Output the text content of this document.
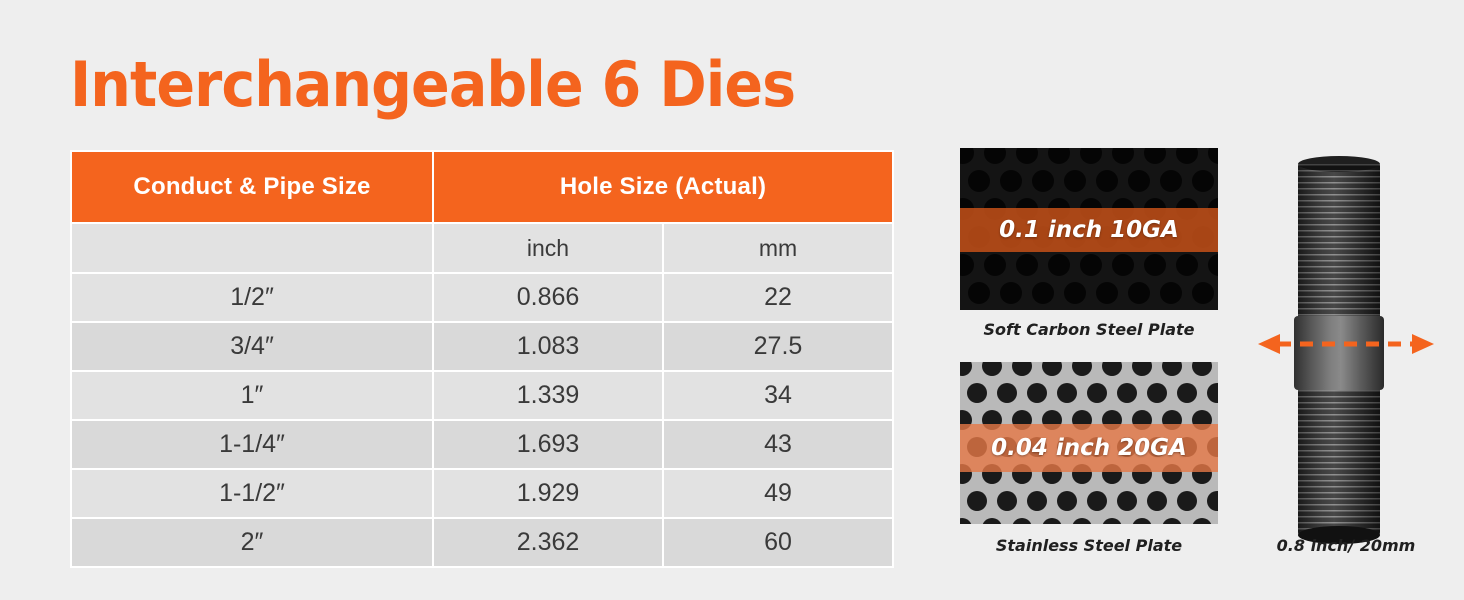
Interchangeable 6 Dies
Conduct & Pipe Size	Hole Size (Actual)	
	inch	mm
1/2″	0.866	22
3/4″	1.083	27.5
1″	1.339	34
1-1/4″	1.693	43
1-1/2″	1.929	49
2″	2.362	60
0.1 inch 10GA
Soft Carbon Steel Plate
0.04 inch 20GA
Stainless Steel Plate	0.8 inch/ 20mm
